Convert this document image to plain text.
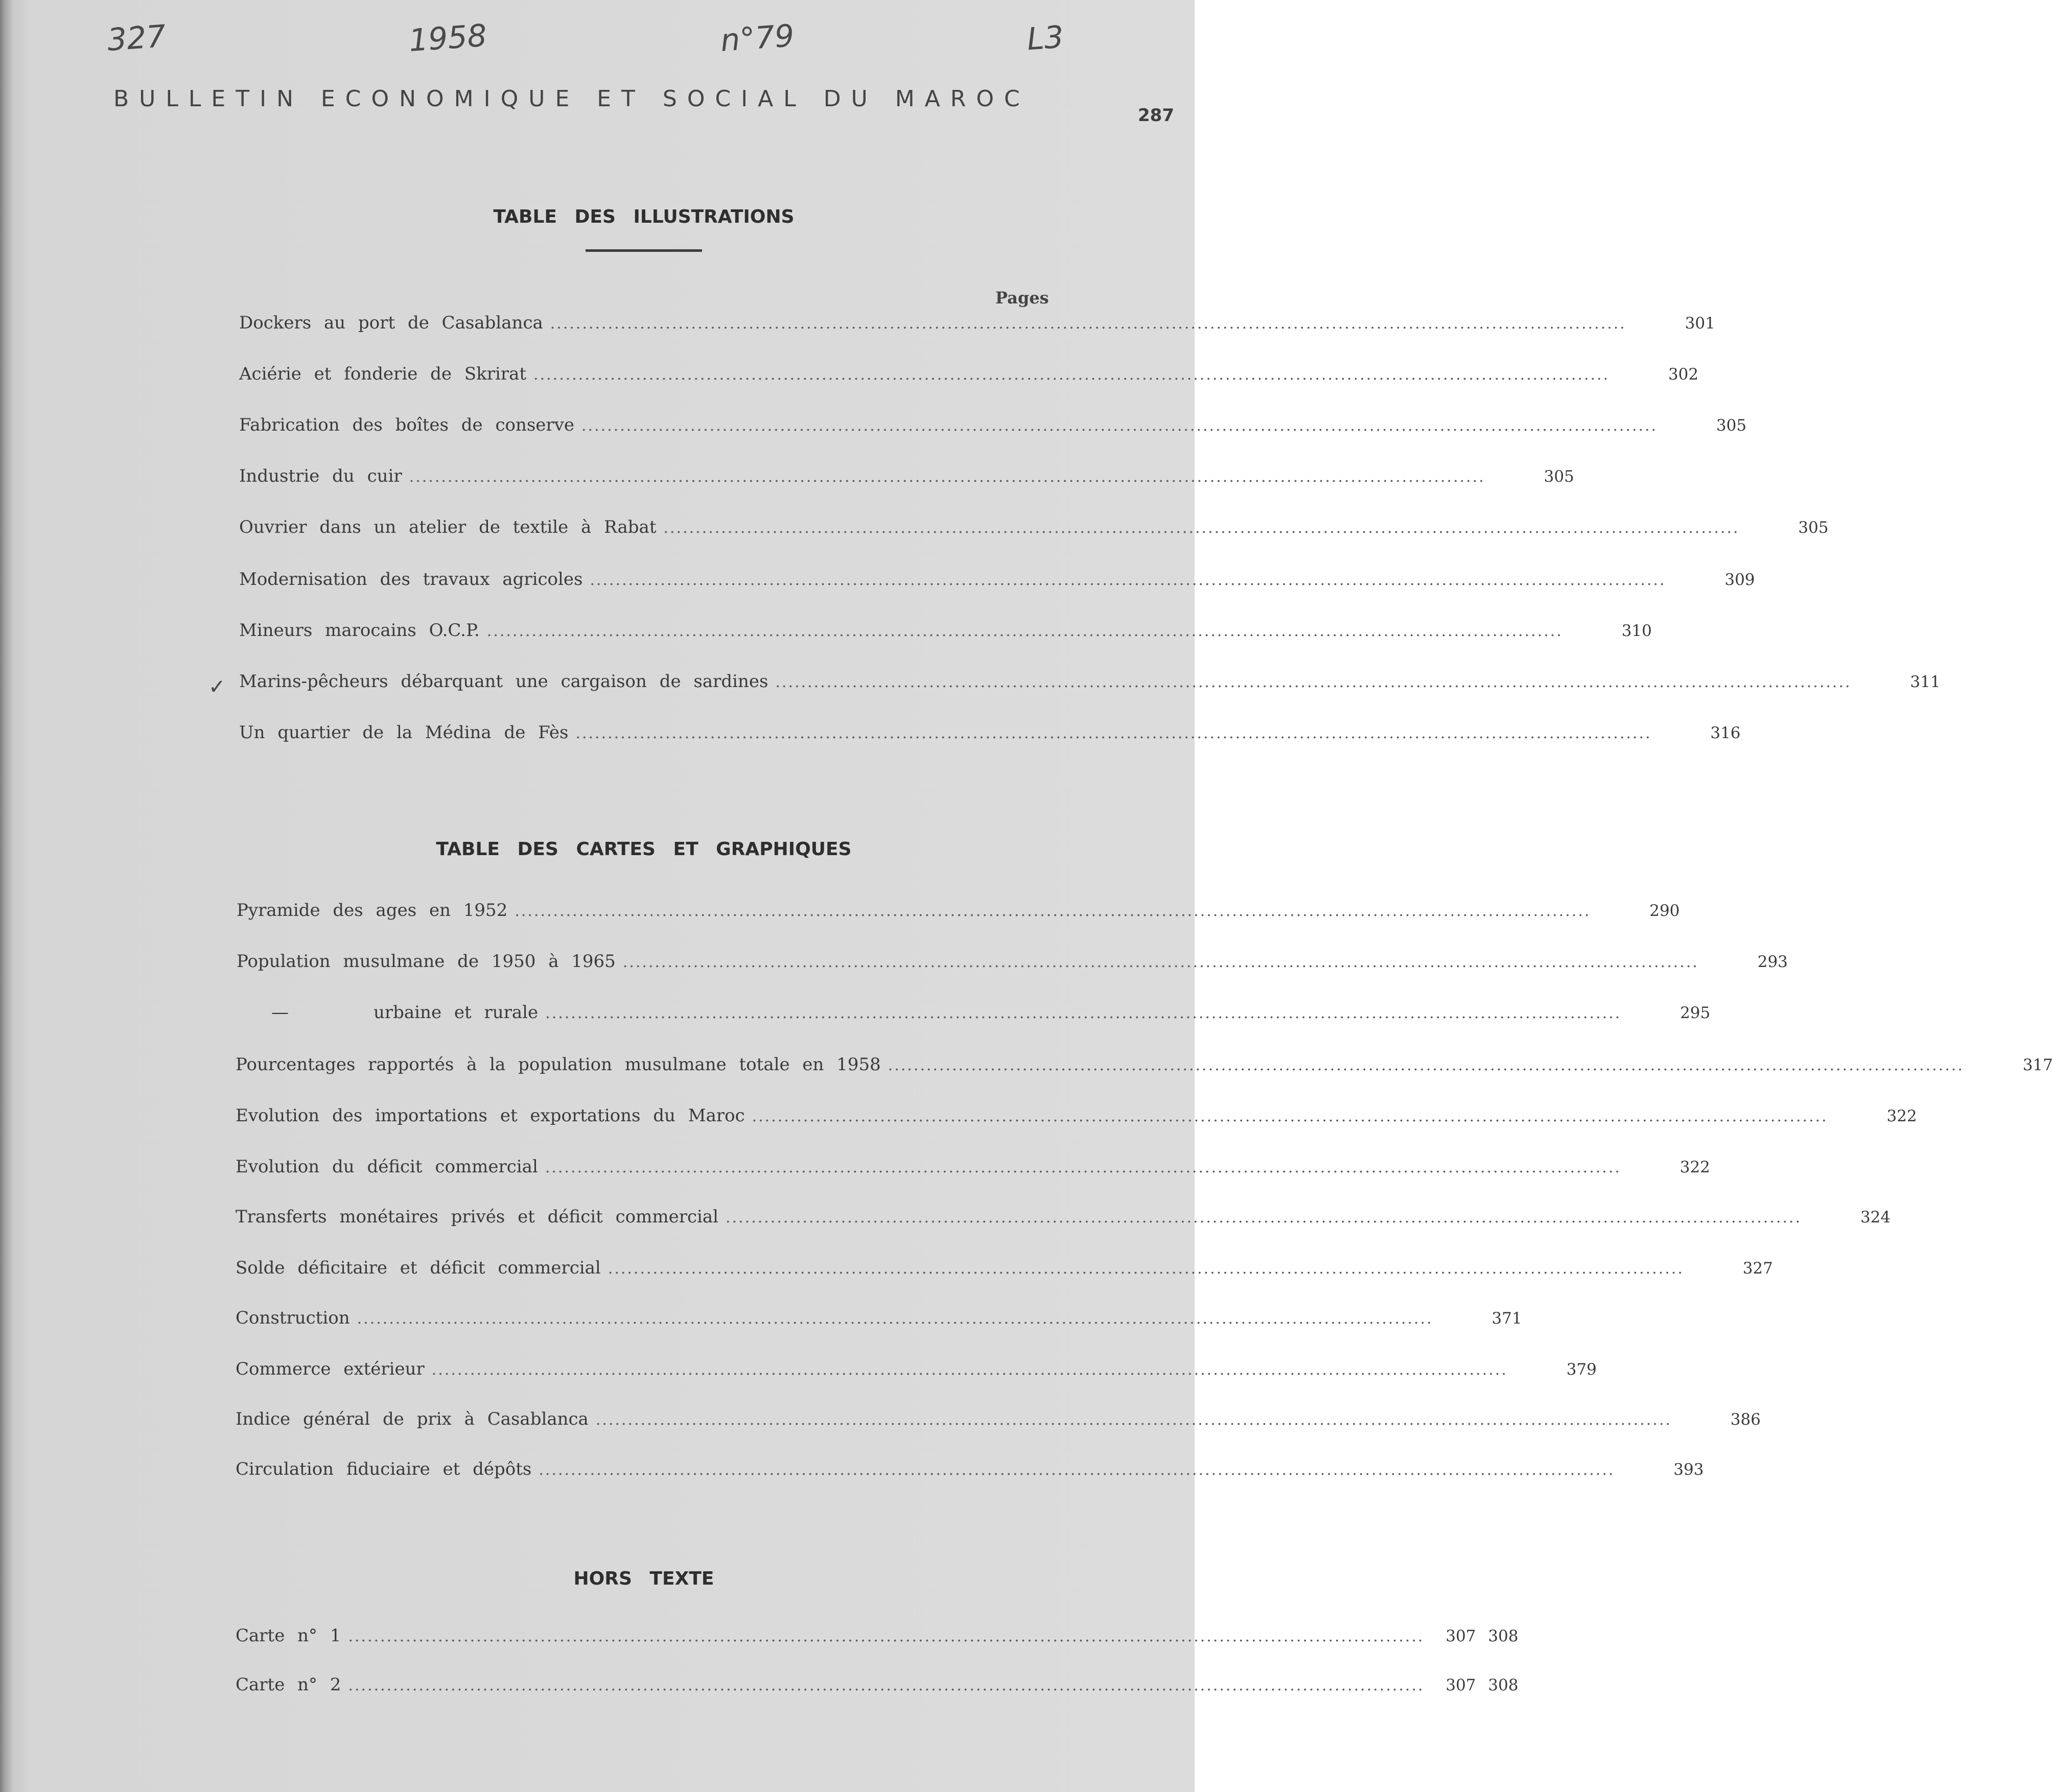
327	1958	n°79	L3
BULLETIN ECONOMIQUE ET SOCIAL DU MAROC
287
TABLE DES ILLUSTRATIONS
Pages
Dockers au port de Casablanca ........................................................................................................................................................................	301
Aciérie et fonderie de Skrirat ........................................................................................................................................................................	302
Fabrication des boîtes de conserve ........................................................................................................................................................................	305
Industrie du cuir ........................................................................................................................................................................	305
Ouvrier dans un atelier de textile à Rabat ........................................................................................................................................................................	305
Modernisation des travaux agricoles ........................................................................................................................................................................	309
Mineurs marocains O.C.P. ........................................................................................................................................................................	310
✓ Marins-pêcheurs débarquant une cargaison de sardines ........................................................................................................................................................................	311
Un quartier de la Médina de Fès ........................................................................................................................................................................	316
TABLE DES CARTES ET GRAPHIQUES
Pyramide des ages en 1952 ........................................................................................................................................................................	290
Population musulmane de 1950 à 1965 ........................................................................................................................................................................	293
—	urbaine et rurale ........................................................................................................................................................................	295
Pourcentages rapportés à la population musulmane totale en 1958 ........................................................................................................................................................................	317
Evolution des importations et exportations du Maroc ........................................................................................................................................................................	322
Evolution du déficit commercial ........................................................................................................................................................................	322
Transferts monétaires privés et déficit commercial ........................................................................................................................................................................	324
Solde déficitaire et déficit commercial ........................................................................................................................................................................	327
Construction ........................................................................................................................................................................	371
Commerce extérieur ........................................................................................................................................................................	379
Indice général de prix à Casablanca ........................................................................................................................................................................	386
Circulation fiduciaire et dépôts ........................................................................................................................................................................	393
HORS TEXTE
Carte n° 1 ........................................................................................................................................................................	307 308
Carte n° 2 ........................................................................................................................................................................	307 308
